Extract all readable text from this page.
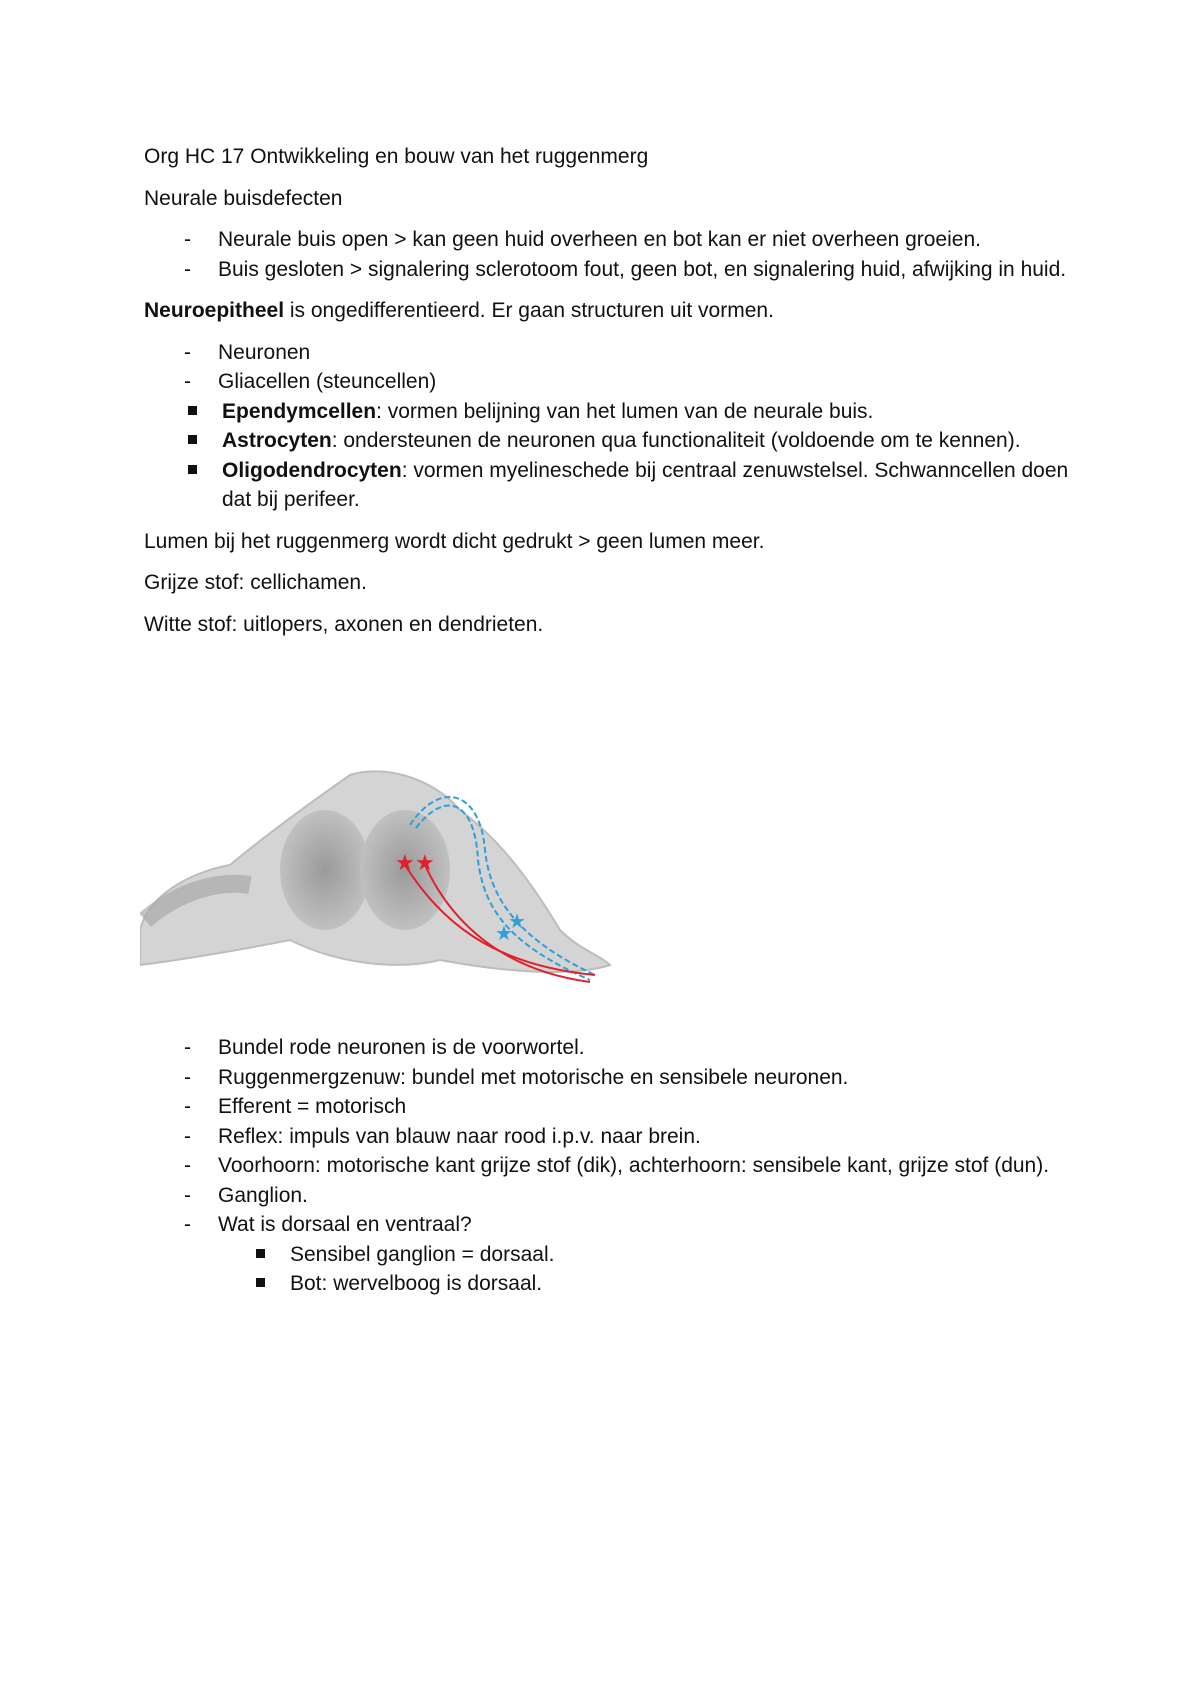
Org HC 17 Ontwikkeling en bouw van het ruggenmerg

Neurale buisdefecten

- Neurale buis open > kan geen huid overheen en bot kan er niet overheen groeien.
- Buis gesloten > signalering sclerotoom fout, geen bot, en signalering huid, afwijking in huid.

Neuroepitheel is ongedifferentieerd. Er gaan structuren uit vormen.

- Neuronen
- Gliacellen (steuncellen)
Ependymcellen: vormen belijning van het lumen van de neurale buis.
Astrocyten: ondersteunen de neuronen qua functionaliteit (voldoende om te kennen).
Oligodendrocyten: vormen myelineschede bij centraal zenuwstelsel. Schwanncellen doen dat bij perifeer.

Lumen bij het ruggenmerg wordt dicht gedrukt > geen lumen meer.

Grijze stof: cellichamen.

Witte stof: uitlopers, axonen en dendrieten.

★ ★
★
★
- Bundel rode neuronen is de voorwortel.
- Ruggenmergzenuw: bundel met motorische en sensibele neuronen.
- Efferent = motorisch
- Reflex: impuls van blauw naar rood i.p.v. naar brein.
- Voorhoorn: motorische kant grijze stof (dik), achterhoorn: sensibele kant, grijze stof (dun).
- Ganglion.
- Wat is dorsaal en ventraal?
Sensibel ganglion = dorsaal.
Bot: wervelboog is dorsaal.
